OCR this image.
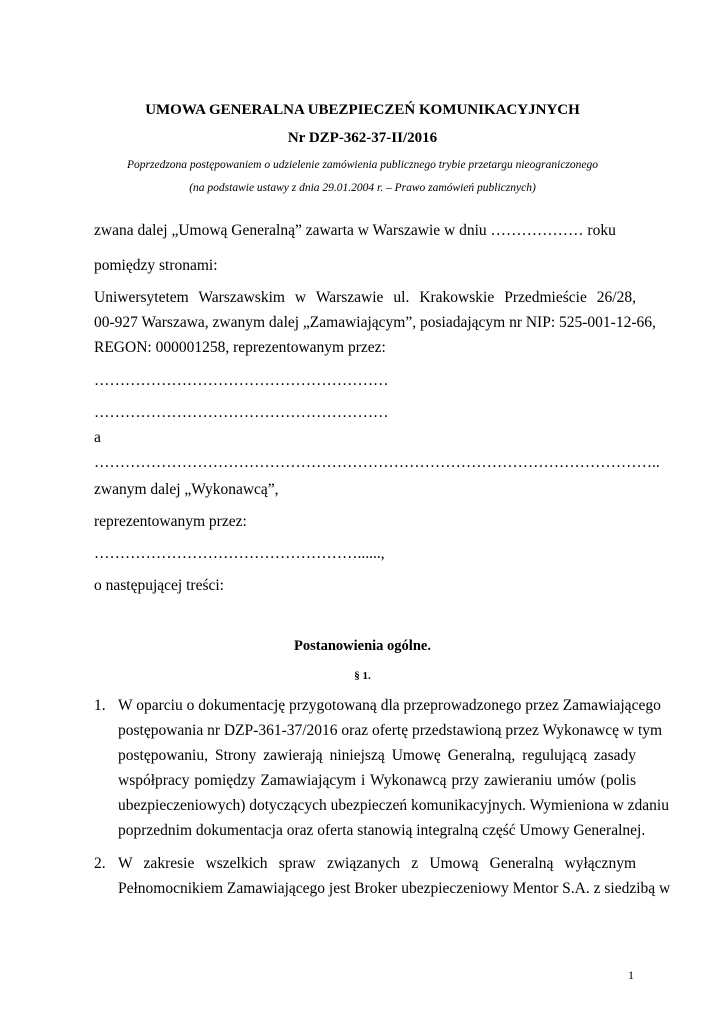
UMOWA GENERALNA UBEZPIECZEŃ KOMUNIKACYJNYCH
Nr DZP-362-37-II/2016
Poprzedzona postępowaniem o udzielenie zamówienia publicznego trybie przetargu nieograniczonego
(na podstawie ustawy z dnia 29.01.2004 r. – Prawo zamówień publicznych)
zwana dalej „Umową Generalną” zawarta w Warszawie w dniu ……………… roku
pomiędzy stronami:
Uniwersytetem Warszawskim w Warszawie ul. Krakowskie Przedmieście 26/28,
00-927 Warszawa, zwanym dalej „Zamawiającym”, posiadającym nr NIP: 525-001-12-66,
REGON: 000001258, reprezentowanym przez:
…………………………………………………
…………………………………………………
a
………………………………………………………………………………………………..
zwanym dalej „Wykonawcą”,
reprezentowanym przez:
……………………………………………......,
o następującej treści:
Postanowienia ogólne.
§ 1.
1. W oparciu o dokumentację przygotowaną dla przeprowadzonego przez Zamawiającego
postępowania nr DZP-361-37/2016 oraz ofertę przedstawioną przez Wykonawcę w tym
postępowaniu, Strony zawierają niniejszą Umowę Generalną, regulującą zasady
współpracy pomiędzy Zamawiającym i Wykonawcą przy zawieraniu umów (polis
ubezpieczeniowych) dotyczących ubezpieczeń komunikacyjnych. Wymieniona w zdaniu
poprzednim dokumentacja oraz oferta stanowią integralną część Umowy Generalnej.
2. W zakresie wszelkich spraw związanych z Umową Generalną wyłącznym
Pełnomocnikiem Zamawiającego jest Broker ubezpieczeniowy Mentor S.A. z siedzibą w
1
